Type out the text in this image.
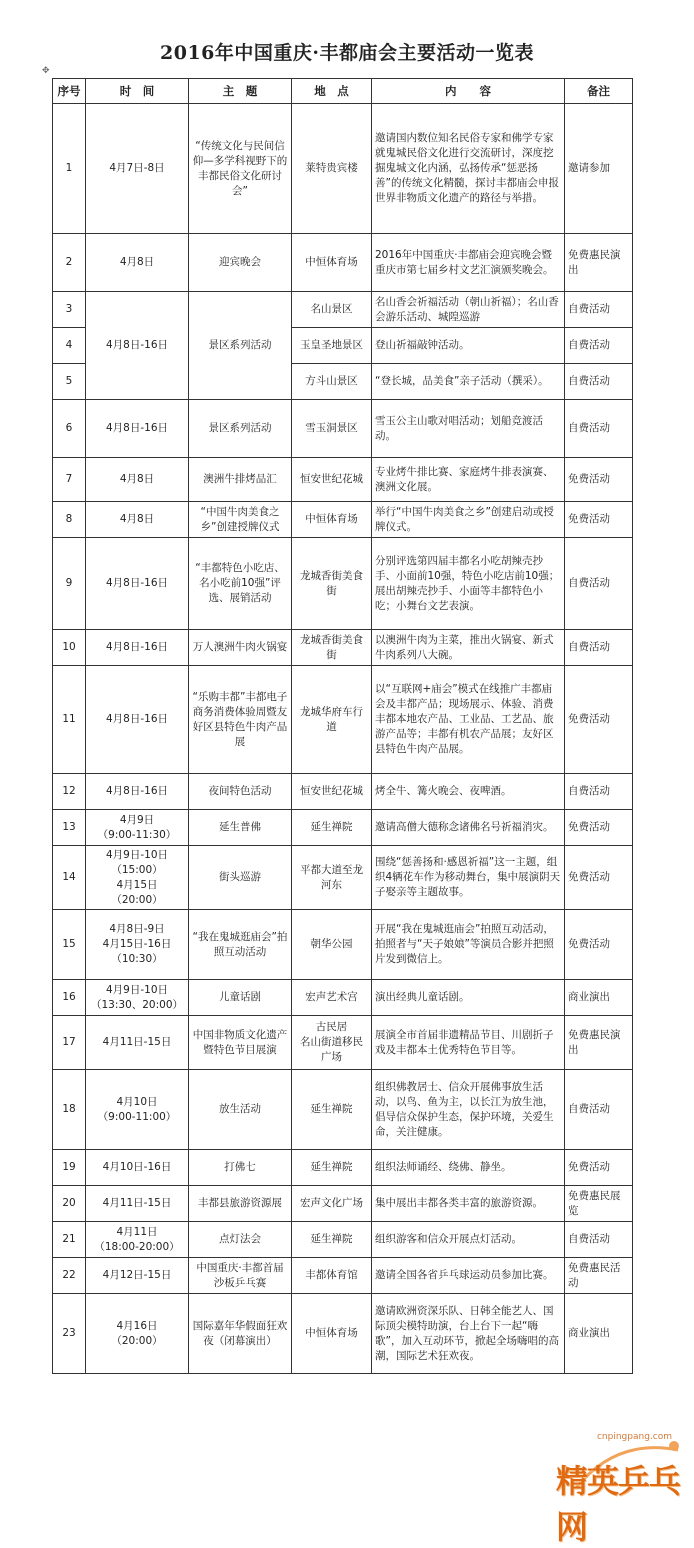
2016年中国重庆·丰都庙会主要活动一览表
✥
序号	时　间	主　题	地　点	内　　容	备注
1	4月7日-8日	“传统文化与民间信仰—多学科视野下的丰都民俗文化研讨会”	莱特贵宾楼	邀请国内数位知名民俗专家和佛学专家就鬼城民俗文化进行交流研讨，深度挖掘鬼城文化内涵，弘扬传承“惩恶扬善”的传统文化精髓，探讨丰都庙会申报世界非物质文化遗产的路径与举措。	邀请参加
2	4月8日	迎宾晚会	中恒体育场	2016年中国重庆·丰都庙会迎宾晚会暨重庆市第七届乡村文艺汇演颁奖晚会。	免费惠民演出
3	4月8日-16日	景区系列活动	名山景区	名山香会祈福活动（朝山祈福）；名山香会游乐活动、城隍巡游	自费活动
4			玉皇圣地景区	登山祈福敲钟活动。	自费活动
5			方斗山景区	“登长城，品美食”亲子活动（撰采）。	自费活动
6	4月8日-16日	景区系列活动	雪玉洞景区	雪玉公主山歌对唱活动；划船竞渡活动。	自费活动
7	4月8日	澳洲牛排烤品汇	恒安世纪花城	专业烤牛排比赛、家庭烤牛排表演赛、澳洲文化展。	免费活动
8	4月8日	“中国牛肉美食之乡”创建授牌仪式	中恒体育场	举行“中国牛肉美食之乡”创建启动或授牌仪式。	免费活动
9	4月8日-16日	“丰都特色小吃店、名小吃前10强”评选、展销活动	龙城香街美食街	分别评选第四届丰都名小吃胡辣壳抄手、小面前10强，特色小吃店前10强；展出胡辣壳抄手、小面等丰都特色小吃；小舞台文艺表演。	自费活动
10	4月8日-16日	万人澳洲牛肉火锅宴	龙城香街美食街	以澳洲牛肉为主菜，推出火锅宴、新式牛肉系列八大碗。	自费活动
11	4月8日-16日	“乐购丰都”丰都电子商务消费体验周暨友好区县特色牛肉产品展	龙城华府车行道	以“互联网+庙会”模式在线推广丰都庙会及丰都产品；现场展示、体验、消费丰都本地农产品、工业品、工艺品、旅游产品等；丰都有机农产品展；友好区县特色牛肉产品展。	免费活动
12	4月8日-16日	夜间特色活动	恒安世纪花城	烤全牛、篝火晚会、夜啤酒。	自费活动
13	4月9日
（9:00-11:30）	延生普佛	延生禅院	邀请高僧大德称念诸佛名号祈福消灾。	免费活动
14	4月9日-10日
（15:00）
4月15日
（20:00）	街头巡游	平都大道至龙河东	围绕“惩善扬和·感恩祈福”这一主题，组织4辆花车作为移动舞台，集中展演阴天子娶亲等主题故事。	免费活动
15	4月8日-9日
4月15日-16日
（10:30）	“我在鬼城逛庙会”拍照互动活动	朝华公园	开展“我在鬼城逛庙会”拍照互动活动，拍照者与“天子娘娘”等演员合影并把照片发到微信上。	免费活动
16	4月9日-10日
（13:30、20:00）	儿童话剧	宏声艺术宫	演出经典儿童话剧。	商业演出
17	4月11日-15日	中国非物质文化遗产暨特色节目展演	古民居
名山街道移民广场	展演全市首届非遗精品节目、川剧折子戏及丰都本土优秀特色节目等。	免费惠民演出
18	4月10日
（9:00-11:00）	放生活动	延生禅院	组织佛教居士、信众开展佛事放生活动，以鸟、鱼为主，以长江为放生池，倡导信众保护生态，保护环境，关爱生命，关注健康。	自费活动
19	4月10日-16日	打佛七	延生禅院	组织法师诵经、绕佛、静坐。	免费活动
20	4月11日-15日	丰都县旅游资源展	宏声文化广场	集中展出丰都各类丰富的旅游资源。	免费惠民展览
21	4月11日
（18:00-20:00）	点灯法会	延生禅院	组织游客和信众开展点灯活动。	自费活动
22	4月12日-15日	中国重庆·丰都首届沙板乒乓赛	丰都体育馆	邀请全国各省乒乓球运动员参加比赛。	免费惠民活动
23	4月16日
（20:00）	国际嘉年华假面狂欢夜（闭幕演出）	中恒体育场	邀请欧洲资深乐队、日韩全能艺人、国际顶尖模特助演，台上台下一起“嗨歌”，加入互动环节，掀起全场嗨唱的高潮，国际艺术狂欢夜。	商业演出
cnpingpang.com
精英乒乓网
